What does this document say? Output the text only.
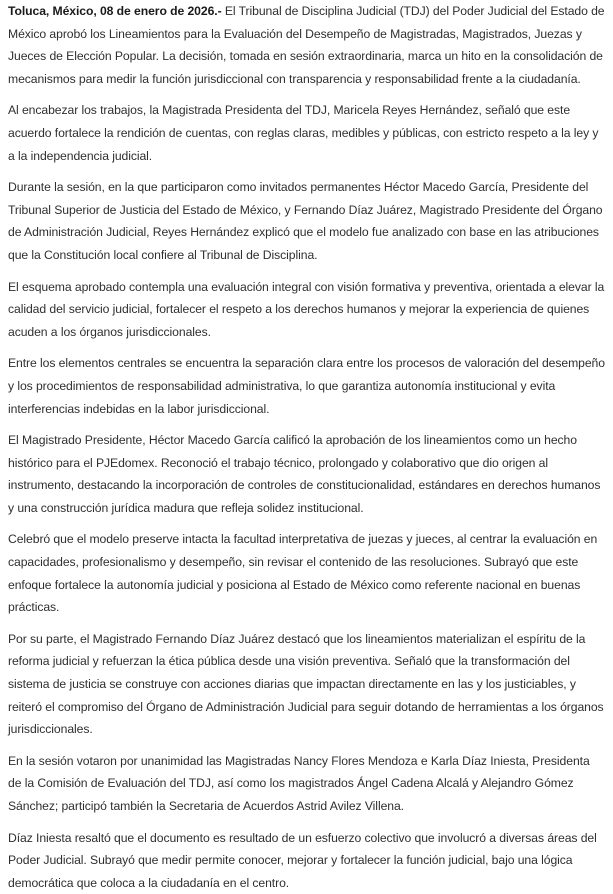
Toluca, México, 08 de enero de 2026.- El Tribunal de Disciplina Judicial (TDJ) del Poder Judicial del Estado de México aprobó los Lineamientos para la Evaluación del Desempeño de Magistradas, Magistrados, Juezas y Jueces de Elección Popular. La decisión, tomada en sesión extraordinaria, marca un hito en la consolidación de mecanismos para medir la función jurisdiccional con transparencia y responsabilidad frente a la ciudadanía.

Al encabezar los trabajos, la Magistrada Presidenta del TDJ, Maricela Reyes Hernández, señaló que este acuerdo fortalece la rendición de cuentas, con reglas claras, medibles y públicas, con estricto respeto a la ley y a la independencia judicial.

Durante la sesión, en la que participaron como invitados permanentes Héctor Macedo García, Presidente del Tribunal Superior de Justicia del Estado de México, y Fernando Díaz Juárez, Magistrado Presidente del Órgano de Administración Judicial, Reyes Hernández explicó que el modelo fue analizado con base en las atribuciones que la Constitución local confiere al Tribunal de Disciplina.

El esquema aprobado contempla una evaluación integral con visión formativa y preventiva, orientada a elevar la calidad del servicio judicial, fortalecer el respeto a los derechos humanos y mejorar la experiencia de quienes acuden a los órganos jurisdiccionales.

Entre los elementos centrales se encuentra la separación clara entre los procesos de valoración del desempeño y los procedimientos de responsabilidad administrativa, lo que garantiza autonomía institucional y evita interferencias indebidas en la labor jurisdiccional.

El Magistrado Presidente, Héctor Macedo García calificó la aprobación de los lineamientos como un hecho histórico para el PJEdomex. Reconoció el trabajo técnico, prolongado y colaborativo que dio origen al instrumento, destacando la incorporación de controles de constitucionalidad, estándares en derechos humanos y una construcción jurídica madura que refleja solidez institucional.

Celebró que el modelo preserve intacta la facultad interpretativa de juezas y jueces, al centrar la evaluación en capacidades, profesionalismo y desempeño, sin revisar el contenido de las resoluciones. Subrayó que este enfoque fortalece la autonomía judicial y posiciona al Estado de México como referente nacional en buenas prácticas.

Por su parte, el Magistrado Fernando Díaz Juárez destacó que los lineamientos materializan el espíritu de la reforma judicial y refuerzan la ética pública desde una visión preventiva. Señaló que la transformación del sistema de justicia se construye con acciones diarias que impactan directamente en las y los justiciables, y reiteró el compromiso del Órgano de Administración Judicial para seguir dotando de herramientas a los órganos jurisdiccionales.

En la sesión votaron por unanimidad las Magistradas Nancy Flores Mendoza e Karla Díaz Iniesta, Presidenta de la Comisión de Evaluación del TDJ, así como los magistrados Ángel Cadena Alcalá y Alejandro Gómez Sánchez; participó también la Secretaria de Acuerdos Astrid Avilez Villena.

Díaz Iniesta resaltó que el documento es resultado de un esfuerzo colectivo que involucró a diversas áreas del Poder Judicial. Subrayó que medir permite conocer, mejorar y fortalecer la función judicial, bajo una lógica democrática que coloca a la ciudadanía en el centro.
